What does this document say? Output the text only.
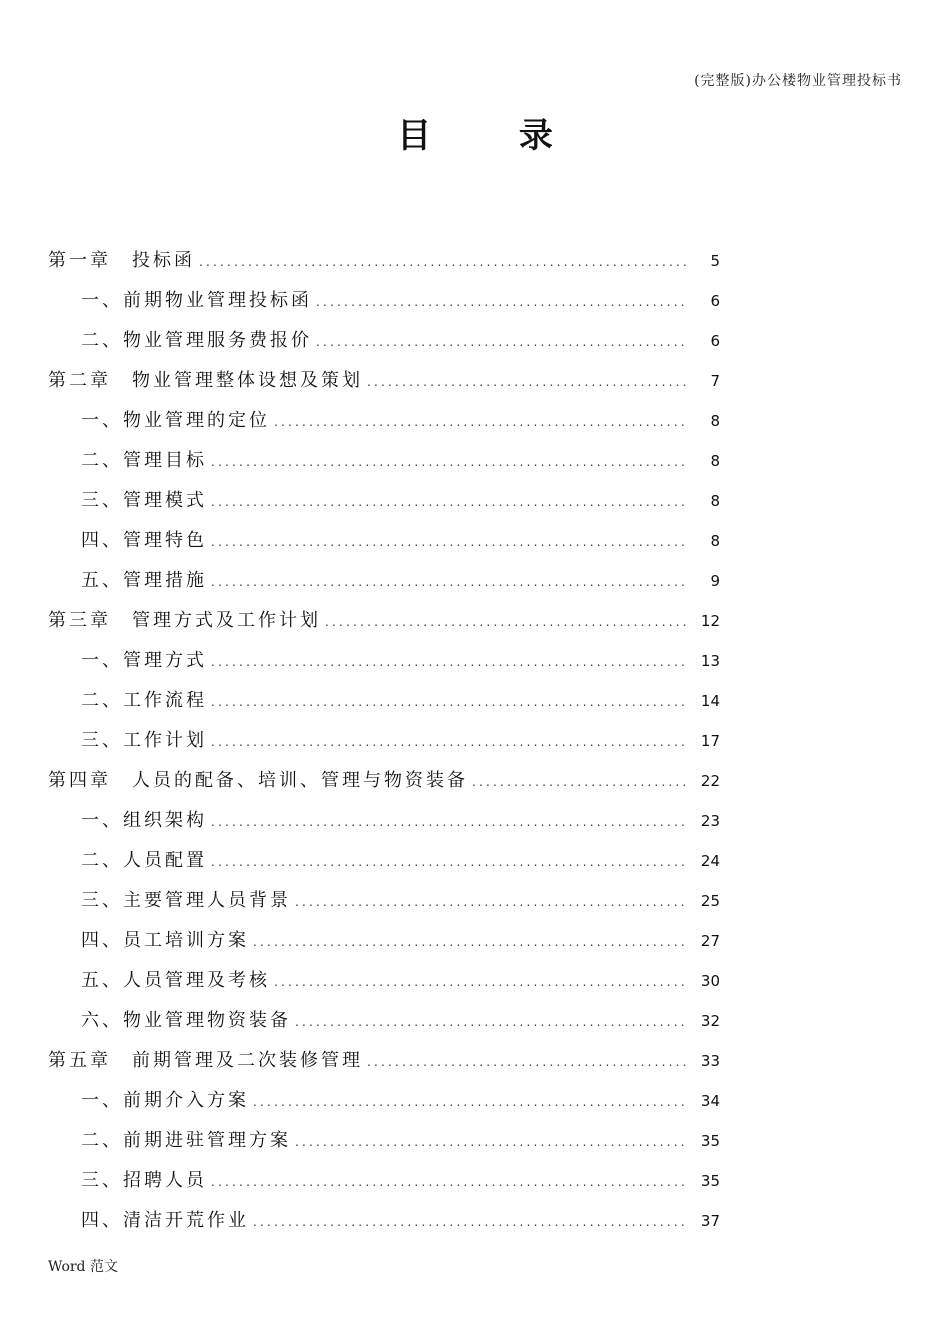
(完整版)办公楼物业管理投标书
目 录
第一章　投标函 .....	5
一、前期物业管理投标函 .....	6
二、物业管理服务费报价 .....	6
第二章　物业管理整体设想及策划 .....	7
一、物业管理的定位 .....	8
二、管理目标 .....	8
三、管理模式 .....	8
四、管理特色 .....	8
五、管理措施 .....	9
第三章　管理方式及工作计划 .....	12
一、管理方式 .....	13
二、工作流程 .....	14
三、工作计划 .....	17
第四章　人员的配备、培训、管理与物资装备 .....	22
一、组织架构 .....	23
二、人员配置 .....	24
三、主要管理人员背景 .....	25
四、员工培训方案 .....	27
五、人员管理及考核 .....	30
六、物业管理物资装备 .....	32
第五章　前期管理及二次装修管理 .....	33
一、前期介入方案 .....	34
二、前期进驻管理方案 .....	35
三、招聘人员 .....	35
四、清洁开荒作业 .....	37
Word 范文
